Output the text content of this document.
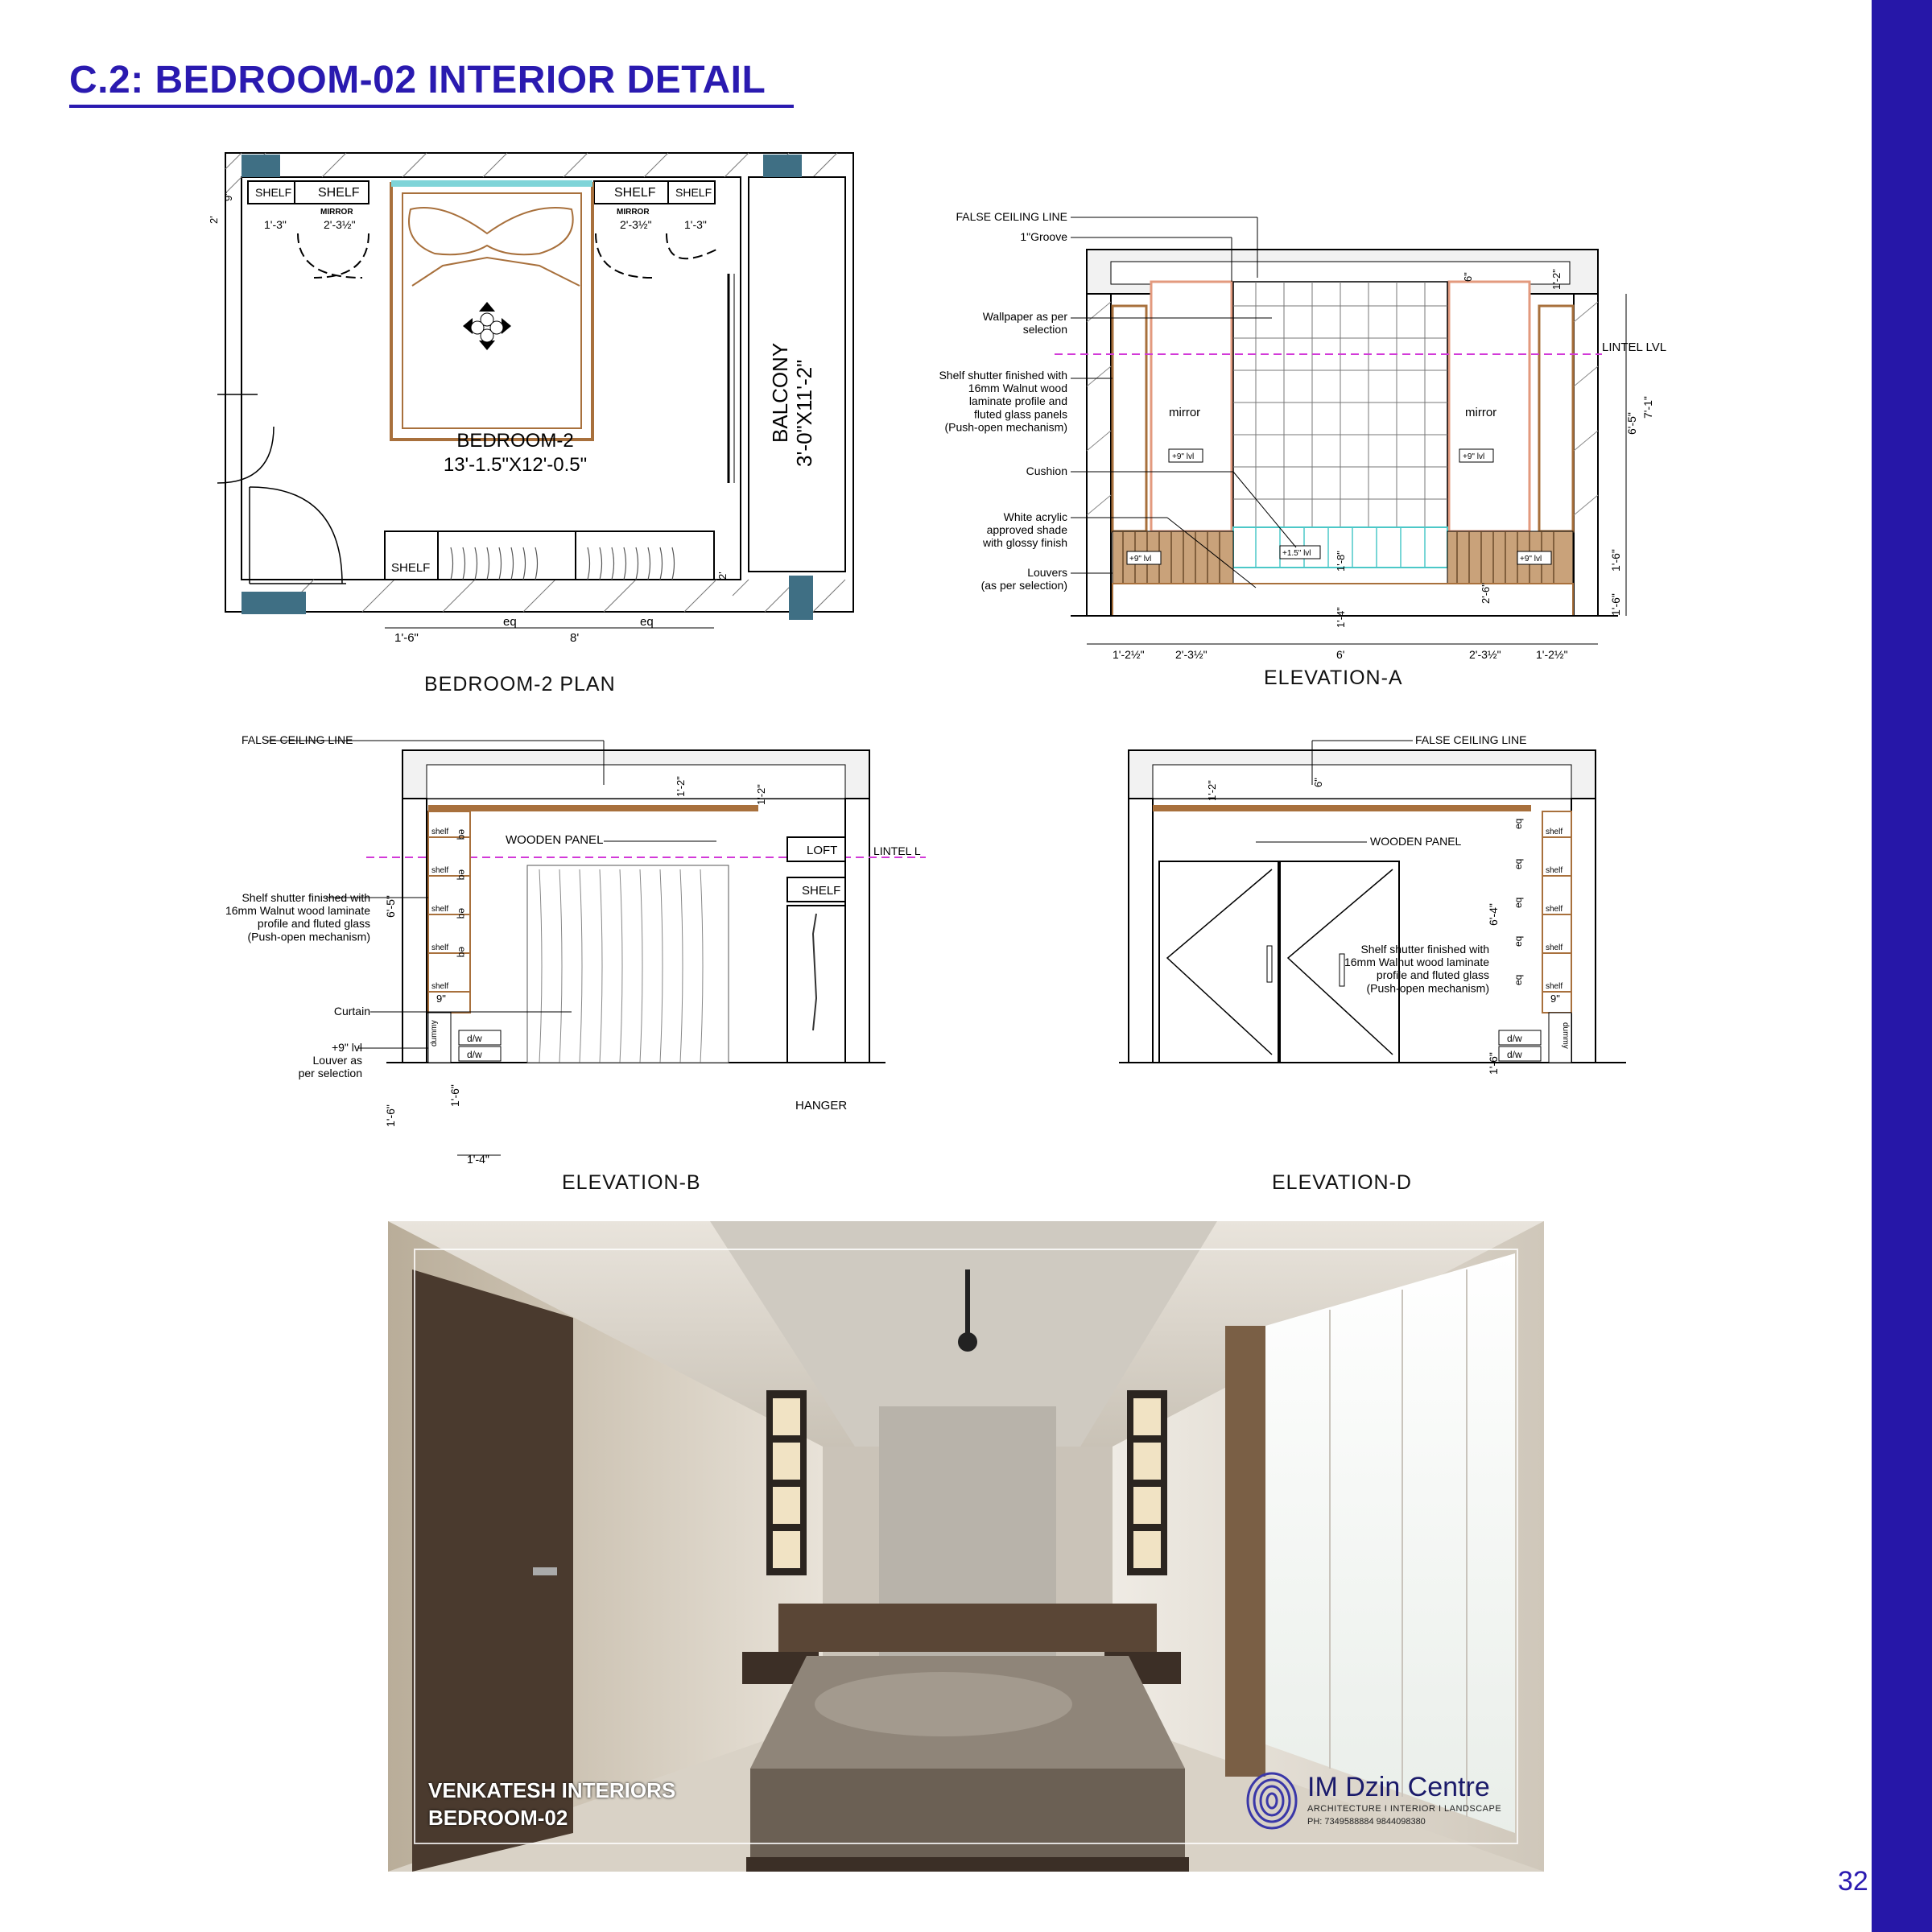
C.2: BEDROOM-02 INTERIOR DETAIL
SHELF SHELF	SHELF SHELF
MIRROR	MIRROR
1'-3"	2'-3½"	2'-3½"	1'-3"
9"
2'
BEDROOM-2
13'-1.5"X12'-0.5"
BALCONY 3'-0"X11'-2"
SHELF
2'
1'-6"
eq
8'
eq
BEDROOM-2 PLAN
mirror	mirror
+9" lvl	+9" lvl
+1.5" lvl
+9" lvl	+9" lvl
LINTEL LVL
FALSE CEILING LINE
1"Groove
Wallpaper as per selection
Shelf shutter finished with 16mm Walnut wood laminate profile and fluted glass panels (Push-open mechanism)
Cushion
White acrylic approved shade with glossy finish
Louvers (as per selection)
1'-2½"	2'-3½"	6'	2'-3½"	1'-2½"
6'-5"
7'-1"
1'-6"
1'-6"
6"	1'-2"
1'-8"
1'-4"
2'-6"
ELEVATION-A
LINTEL L
shelf
shelf
shelf
shelf
shelf
eq
eq
eq
eq
dummy	d/w
d/w
WOODEN PANEL
LOFT
SHELF
HANGER
FALSE CEILING LINE
Shelf shutter finished with 16mm Walnut wood laminate profile and fluted glass (Push-open mechanism)
Curtain
+9" lvl Louver as per selection
6'-5"
1'-6"
1'-6"
9"
1'-2"	1'-2"
1'-4"
ELEVATION-B
shelf
shelf
shelf
shelf
shelf
eq
eq
eq
eq
eq
dummy
d/w
d/w
FALSE CEILING LINE
WOODEN PANEL
Shelf shutter finished with 16mm Walnut wood laminate profile and fluted glass (Push-open mechanism)
1'-2"	6"
6'-4"
1'-6"
9"
ELEVATION-D
VENKATESH INTERIORS
BEDROOM-02
IM Dzin Centre
ARCHITECTURE I INTERIOR I LANDSCAPE
PH: 7349588884 9844098380
32
